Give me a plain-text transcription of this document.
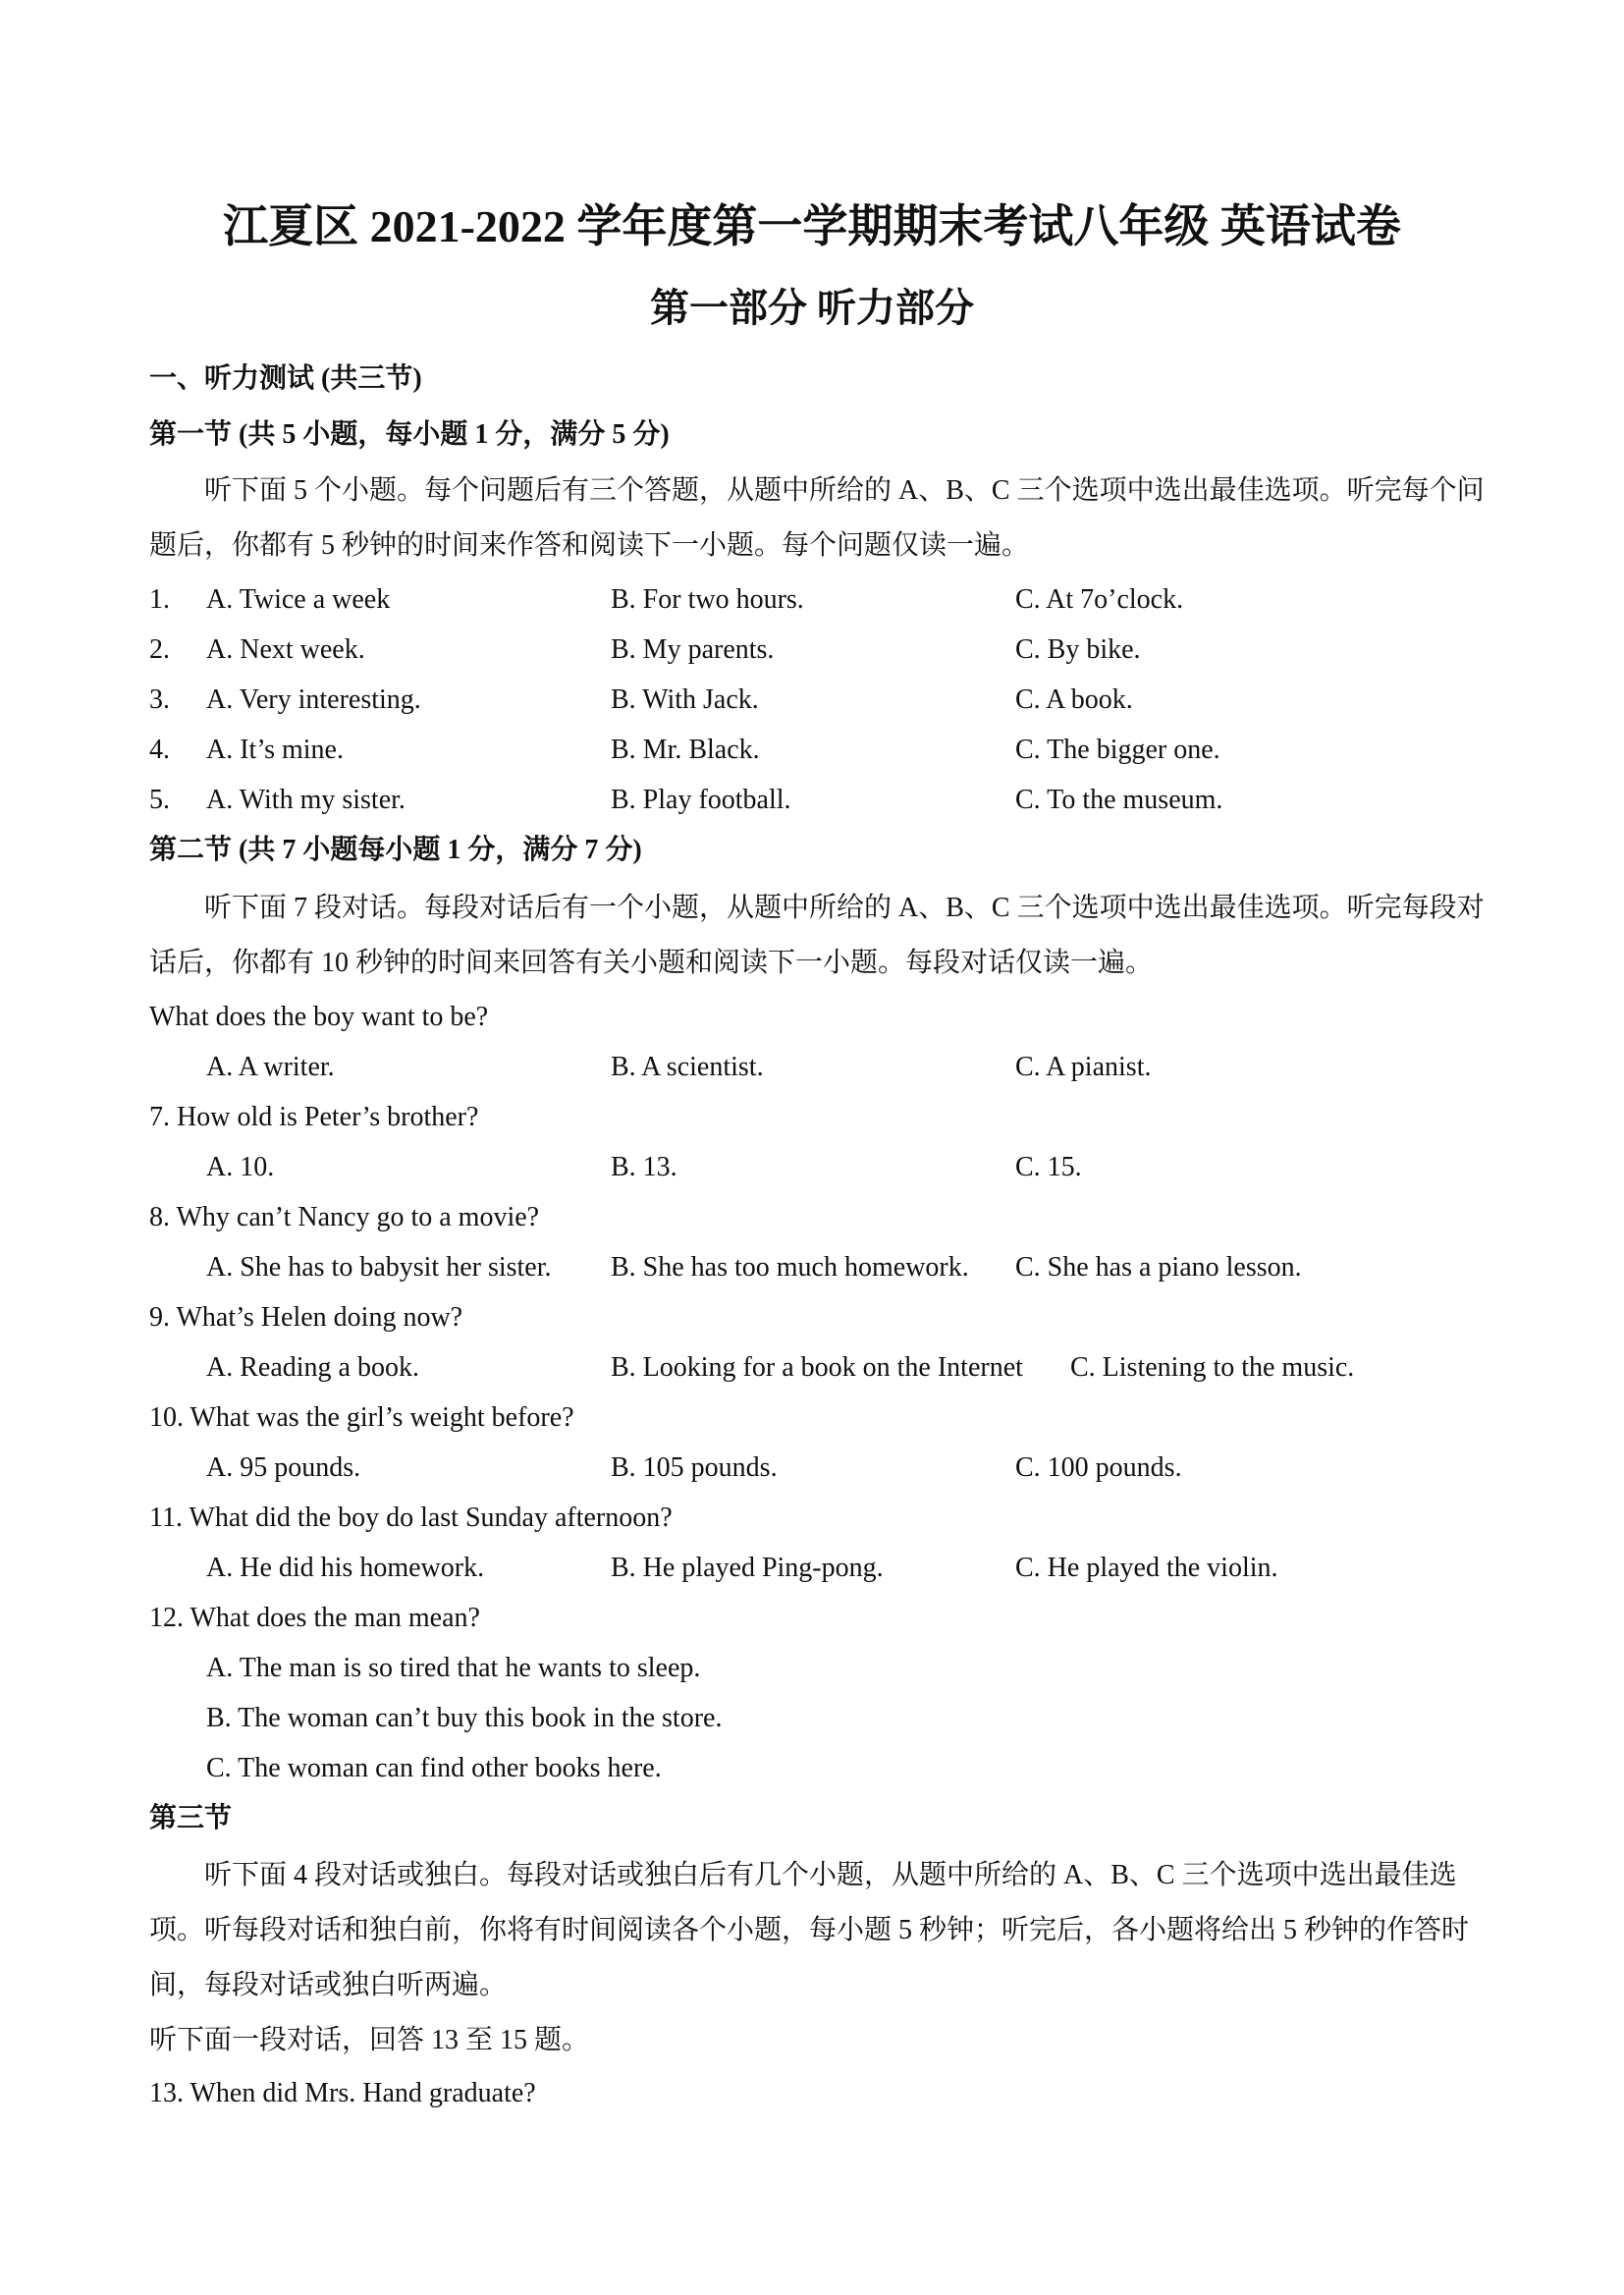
江夏区 2021-2022 学年度第一学期期末考试八年级 英语试卷
第一部分 听力部分
一、听力测试 (共三节)
第一节 (共 5 小题，每小题 1 分，满分 5 分)
听下面 5 个小题。每个问题后有三个答题，从题中所给的 A、B、C 三个选项中选出最佳选项。听完每个问题后，你都有 5 秒钟的时间来作答和阅读下一小题。每个问题仅读一遍。
1. A. Twice a week	B. For two hours.	C. At 7o’clock.
2. A. Next week.	B. My parents.	C. By bike.
3. A. Very interesting.	B. With Jack.	C. A book.
4. A. It’s mine.	B. Mr. Black.	C. The bigger one.
5. A. With my sister.	B. Play football.	C. To the museum.
第二节 (共 7 小题每小题 1 分，满分 7 分)
听下面 7 段对话。每段对话后有一个小题，从题中所给的 A、B、C 三个选项中选出最佳选项。听完每段对话后，你都有 10 秒钟的时间来回答有关小题和阅读下一小题。每段对话仅读一遍。
What does the boy want to be?
A. A writer.	B. A scientist.	C. A pianist.
7. How old is Peter’s brother?
A. 10.	B. 13.	C. 15.
8. Why can’t Nancy go to a movie?
A. She has to babysit her sister. B. She has too much homework. C. She has a piano lesson.
9. What’s Helen doing now?
A. Reading a book.	B. Looking for a book on the Internet C. Listening to the music.
10. What was the girl’s weight before?
A. 95 pounds.	B. 105 pounds.	C. 100 pounds.
11. What did the boy do last Sunday afternoon?
A. He did his homework.	B. He played Ping-pong.	C. He played the violin.
12. What does the man mean?
A. The man is so tired that he wants to sleep.
B. The woman can’t buy this book in the store.
C. The woman can find other books here.
第三节
听下面 4 段对话或独白。每段对话或独白后有几个小题，从题中所给的 A、B、C 三个选项中选出最佳选项。听每段对话和独白前，你将有时间阅读各个小题，每小题 5 秒钟；听完后，各小题将给出 5 秒钟的作答时间，每段对话或独白听两遍。
听下面一段对话，回答 13 至 15 题。
13. When did Mrs. Hand graduate?
